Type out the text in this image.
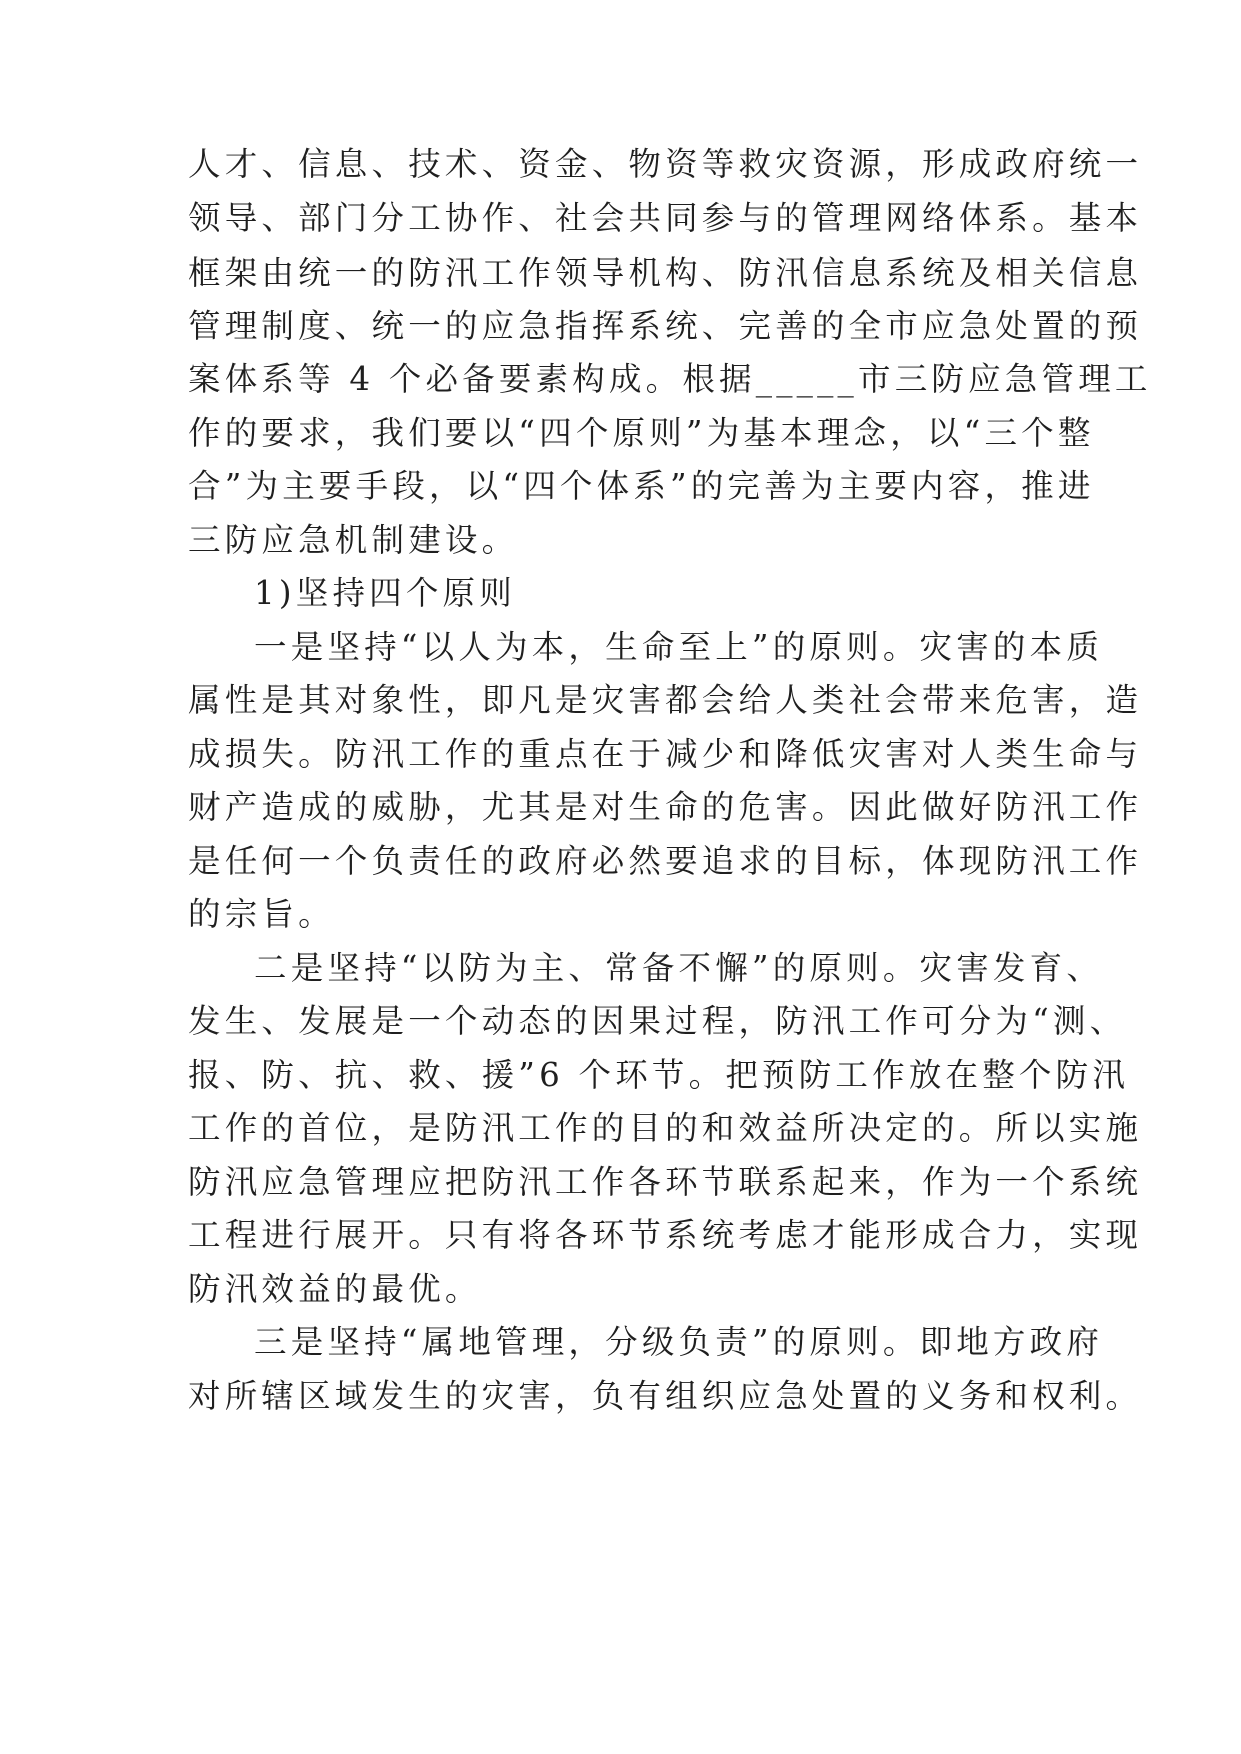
人才、信息、技术、资金、物资等救灾资源，形成政府统一
领导、部门分工协作、社会共同参与的管理网络体系。基本
框架由统一的防汛工作领导机构、防汛信息系统及相关信息
管理制度、统一的应急指挥系统、完善的全市应急处置的预
案体系等 4 个必备要素构成。根据_____市三防应急管理工
作的要求，我们要以“四个原则”为基本理念，以“三个整
合”为主要手段，以“四个体系”的完善为主要内容，推进
三防应急机制建设。
1)坚持四个原则
一是坚持“以人为本，生命至上”的原则。灾害的本质
属性是其对象性，即凡是灾害都会给人类社会带来危害，造
成损失。防汛工作的重点在于减少和降低灾害对人类生命与
财产造成的威胁，尤其是对生命的危害。因此做好防汛工作
是任何一个负责任的政府必然要追求的目标，体现防汛工作
的宗旨。
二是坚持“以防为主、常备不懈”的原则。灾害发育、
发生、发展是一个动态的因果过程，防汛工作可分为“测、
报、防、抗、救、援”6 个环节。把预防工作放在整个防汛
工作的首位，是防汛工作的目的和效益所决定的。所以实施
防汛应急管理应把防汛工作各环节联系起来，作为一个系统
工程进行展开。只有将各环节系统考虑才能形成合力，实现
防汛效益的最优。
三是坚持“属地管理，分级负责”的原则。即地方政府
对所辖区域发生的灾害，负有组织应急处置的义务和权利。
